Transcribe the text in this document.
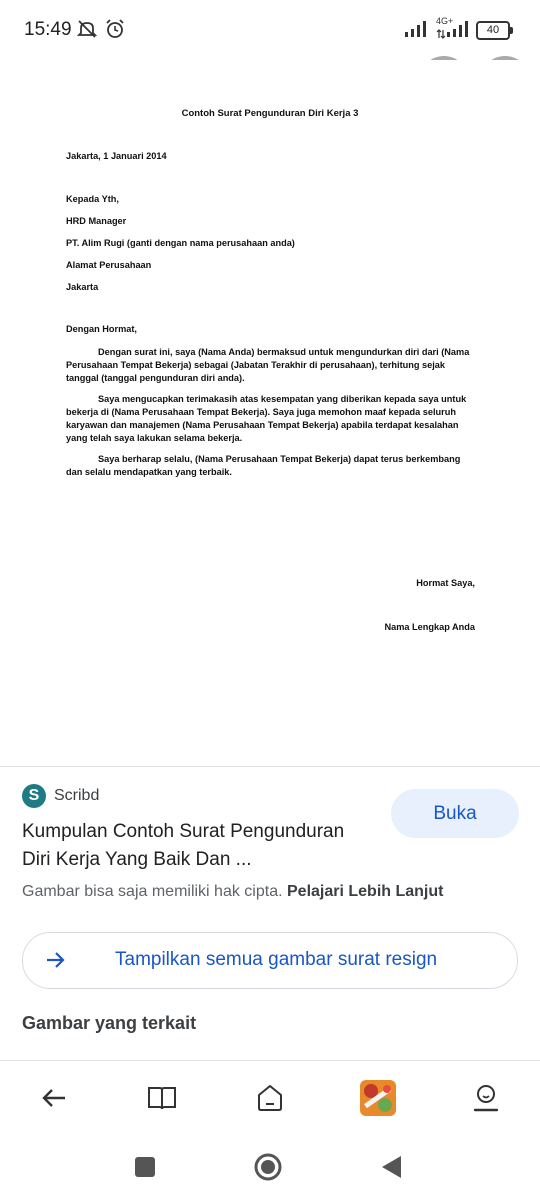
15:49	4G+
40
Contoh Surat Pengunduran Diri Kerja 3
Jakarta, 1 Januari 2014
Kepada Yth,
HRD Manager
PT. Alim Rugi (ganti dengan nama perusahaan anda)
Alamat Perusahaan
Jakarta
Dengan Hormat,

Dengan surat ini, saya (Nama Anda) bermaksud untuk mengundurkan diri dari (Nama Perusahaan Tempat Bekerja) sebagai (Jabatan Terakhir di perusahaan), terhitung sejak tanggal (tanggal pengunduran diri anda).

Saya mengucapkan terimakasih atas kesempatan yang diberikan kepada saya untuk bekerja di (Nama Perusahaan Tempat Bekerja). Saya juga memohon maaf kepada seluruh karyawan dan manajemen (Nama Perusahaan Tempat Bekerja) apabila terdapat kesalahan yang telah saya lakukan selama bekerja.

Saya berharap selalu, (Nama Perusahaan Tempat Bekerja) dapat terus berkembang dan selalu mendapatkan yang terbaik.

Hormat Saya,
Nama Lengkap Anda
S Scribd
Kumpulan Contoh Surat Pengunduran Diri Kerja Yang Baik Dan ...
Buka
Gambar bisa saja memiliki hak cipta. Pelajari Lebih Lanjut
Tampilkan semua gambar surat resign
Gambar yang terkait
